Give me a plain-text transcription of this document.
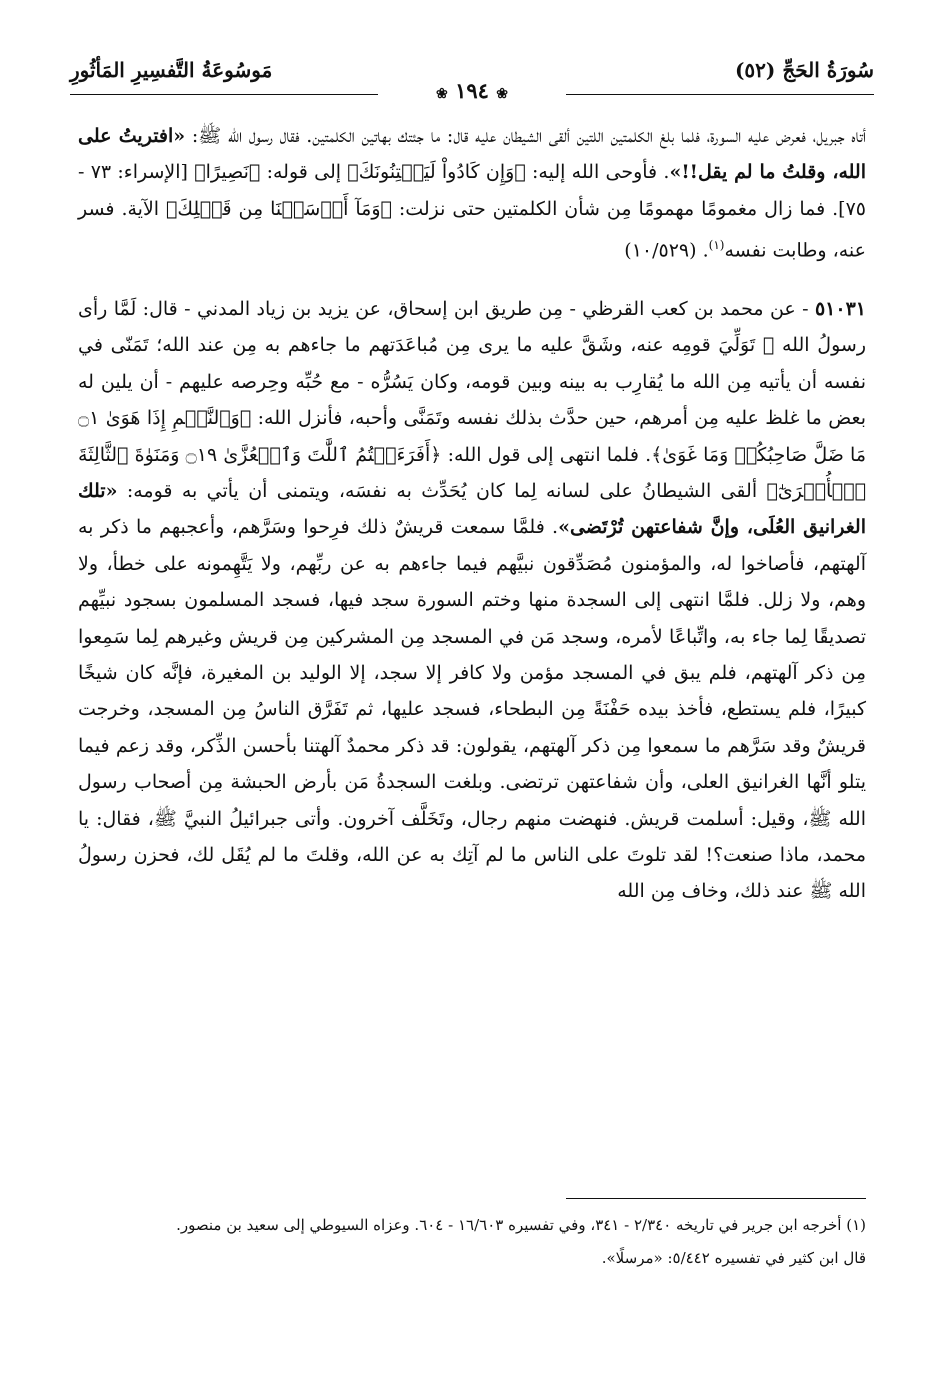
سُورَةُ الحَجِّ (٥٢)
❀ ١٩٤ ❀
مَوسُوعَةُ التَّفسِيرِ المَأثُورِ

أتاه جبريل، فعرض عليه السورة، فلما بلغ الكلمتين اللتين ألقى الشيطان عليه قال: ما جئتك بهاتين الكلمتين. فقال رسول الله ﷺ: «افتريتُ على الله، وقلتُ ما لم يقل!!». فأوحى الله إليه: ﴿وَإِن كَادُواْ لَيَفۡتِنُونَكَ﴾ إلى قوله: ﴿نَصِيرًا﴾ [الإسراء: ٧٣ - ٧٥]. فما زال مغمومًا مهمومًا مِن شأن الكلمتين حتى نزلت: ﴿وَمَآ أَرۡسَلۡنَا مِن قَبۡلِكَ﴾ الآية. فسر عنه، وطابت نفسه$^{(١)}$. (١٠/٥٢٩)

٥١٠٣١ - عن محمد بن كعب القرظي - مِن طريق ابن إسحاق، عن يزيد بن زياد المدني - قال: لَمَّا رأى رسولُ الله ﷺ تَوَلِّيَ قومِه عنه، وشَقَّ عليه ما يرى مِن مُباعَدَتهم ما جاءهم به مِن عند الله؛ تَمَنّى في نفسه أن يأتيه مِن الله ما يُقارِب به بينه وبين قومه، وكان يَسُرُّه - مع حُبِّه وحِرصه عليهم - أن يلين له بعض ما غلظ عليه مِن أمرهم، حين حدَّث بذلك نفسه وتَمَنَّى وأحبه، فأنزل الله: ﴿وَٱلنَّجۡمِ إِذَا هَوَىٰ ۝١ مَا ضَلَّ صَاحِبُكُمۡ وَمَا غَوَىٰ﴾. فلما انتهى إلى قول الله: ﴿أَفَرَءَيۡتُمُ ٱللَّٰتَ وَٱلۡعُزَّىٰ ۝١٩ وَمَنَوٰةَ ٱلثَّالِثَةَ ٱلۡأُخۡرَىٰٓ﴾ ألقى الشيطانُ على لسانه لِما كان يُحَدِّث به نفسَه، ويتمنى أن يأتي به قومه: «تلك الغرانيق العُلَى، وإنَّ شفاعتهن تُرْتَضى». فلمَّا سمعت قريشٌ ذلك فرِحوا وسَرَّهم، وأعجبهم ما ذكر به آلهتهم، فأصاخوا له، والمؤمنون مُصَدِّقون نبيَّهم فيما جاءهم به عن ربِّهم، ولا يَتَّهِمونه على خطأ، ولا وهم، ولا زلل. فلمَّا انتهى إلى السجدة منها وختم السورة سجد فيها، فسجد المسلمون بسجود نبيِّهم تصديقًا لِما جاء به، واتِّباعًا لأمره، وسجد مَن في المسجد مِن المشركين مِن قريش وغيرهم لِما سَمِعوا مِن ذكر آلهتهم، فلم يبق في المسجد مؤمن ولا كافر إلا سجد، إلا الوليد بن المغيرة، فإنَّه كان شيخًا كبيرًا، فلم يستطع، فأخذ بيده حَفْنَةً مِن البطحاء، فسجد عليها، ثم تَفَرَّق الناسُ مِن المسجد، وخرجت قريشٌ وقد سَرَّهم ما سمعوا مِن ذكر آلهتهم، يقولون: قد ذكر محمدٌ آلهتنا بأحسن الذِّكر، وقد زعم فيما يتلو أنَّها الغرانيق العلى، وأن شفاعتهن ترتضى. وبلغت السجدةُ مَن بأرض الحبشة مِن أصحاب رسول الله ﷺ، وقيل: أسلمت قريش. فنهضت منهم رجال، وتَخَلَّف آخرون. وأتى جبرائيلُ النبيَّ ﷺ، فقال: يا محمد، ماذا صنعت؟! لقد تلوتَ على الناس ما لم آتِك به عن الله، وقلتَ ما لم يُقَل لك، فحزن رسولُ الله ﷺ عند ذلك، وخاف مِن الله

(١) أخرجه ابن جرير في تاريخه ٢/٣٤٠ - ٣٤١، وفي تفسيره ١٦/٦٠٣ - ٦٠٤. وعزاه السيوطي إلى سعيد بن منصور.

قال ابن كثير في تفسيره ٥/٤٤٢: «مرسلًا».
